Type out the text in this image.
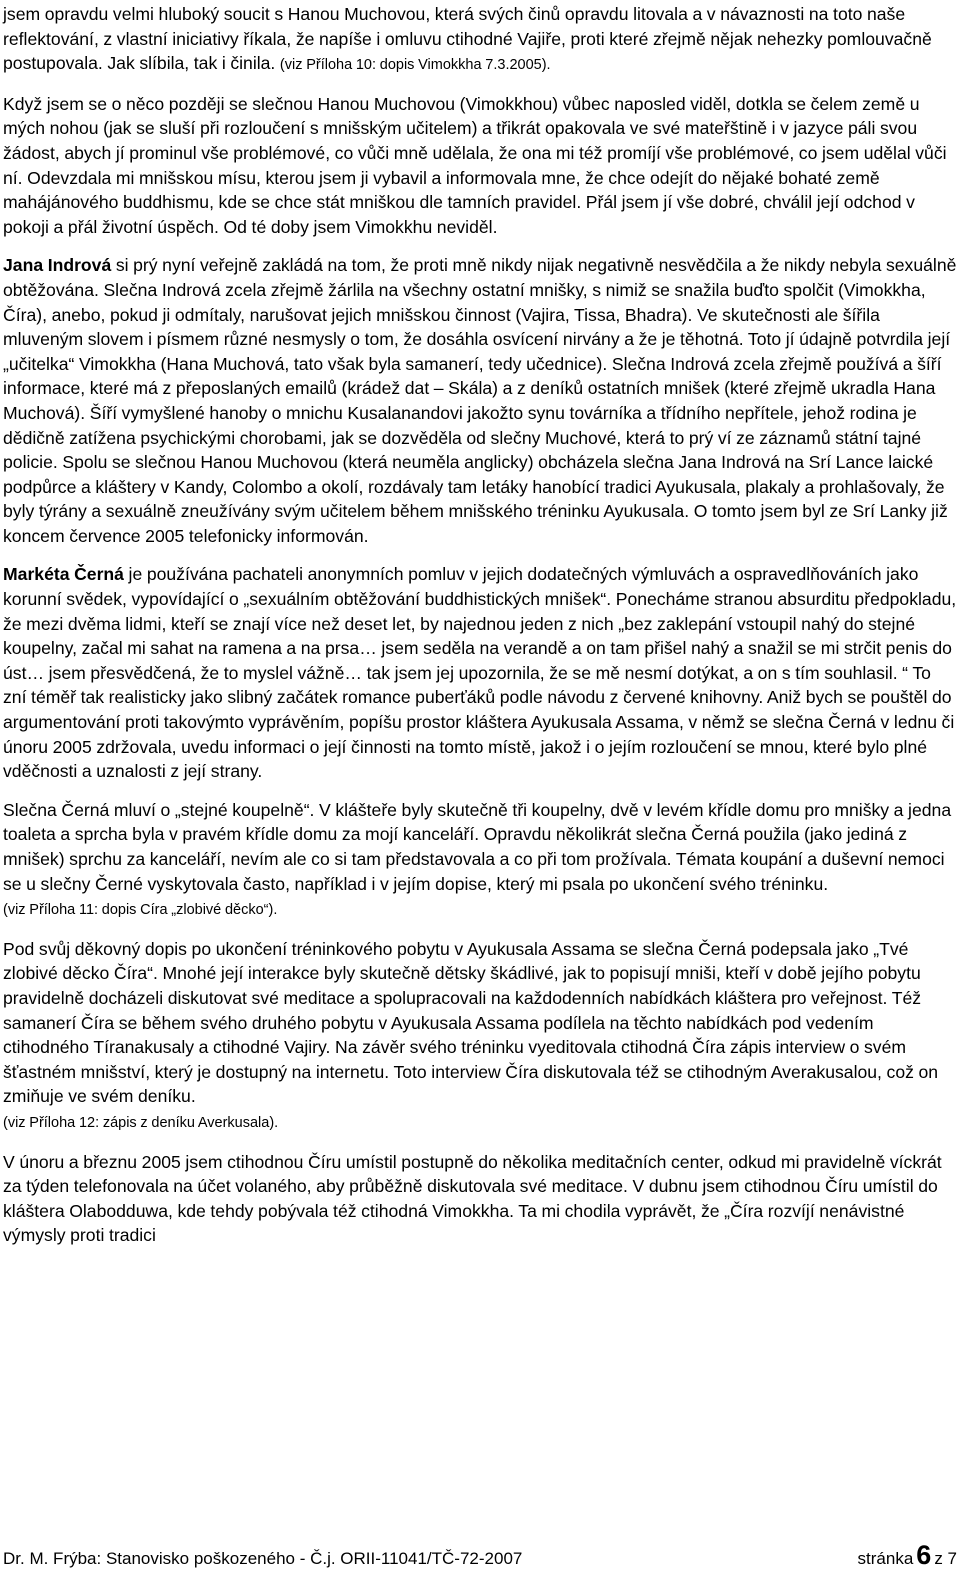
jsem opravdu velmi hluboký soucit s Hanou Muchovou, která svých činů opravdu litovala a v návaznosti na toto naše reflektování, z vlastní iniciativy říkala, že napíše i omluvu ctihodné Vajiře, proti které zřejmě nějak nehezky pomlouvačně postupovala. Jak slíbila, tak i činila. (viz Příloha 10: dopis Vimokkha 7.3.2005).

Když jsem se o něco později se slečnou Hanou Muchovou (Vimokkhou) vůbec naposled viděl, dotkla se čelem země u mých nohou (jak se sluší při rozloučení s mnišským učitelem) a třikrát opakovala ve své mateřštině i v jazyce páli svou žádost, abych jí prominul vše problémové, co vůči mně udělala, že ona mi též promíjí vše problémové, co jsem udělal vůči ní. Odevzdala mi mnišskou mísu, kterou jsem ji vybavil a informovala mne, že chce odejít do nějaké bohaté země mahájánového buddhismu, kde se chce stát mniškou dle tamních pravidel. Přál jsem jí vše dobré, chválil její odchod v pokoji a přál životní úspěch. Od té doby jsem Vimokkhu neviděl.

Jana Indrová si prý nyní veřejně zakládá na tom, že proti mně nikdy nijak negativně nesvědčila a že nikdy nebyla sexuálně obtěžována. Slečna Indrová zcela zřejmě žárlila na všechny ostatní mnišky, s nimiž se snažila buďto spolčit (Vimokkha, Číra), anebo, pokud ji odmítaly, narušovat jejich mnišskou činnost (Vajira, Tissa, Bhadra). Ve skutečnosti ale šířila mluveným slovem i písmem různé nesmysly o tom, že dosáhla osvícení nirvány a že je těhotná. Toto jí údajně potvrdila její „učitelka“ Vimokkha (Hana Muchová, tato však byla samanerí, tedy učednice). Slečna Indrová zcela zřejmě používá a šíří informace, které má z přeposlaných emailů (krádež dat – Skála) a z deníků ostatních mnišek (které zřejmě ukradla Hana Muchová). Šíří vymyšlené hanoby o mnichu Kusalanandovi jakožto synu továrníka a třídního nepřítele, jehož rodina je dědičně zatížena psychickými chorobami, jak se dozvěděla od slečny Muchové, která to prý ví ze záznamů státní tajné policie. Spolu se slečnou Hanou Muchovou (která neuměla anglicky) obcházela slečna Jana Indrová na Srí Lance laické podpůrce a kláštery v Kandy, Colombo a okolí, rozdávaly tam letáky hanobící tradici Ayukusala, plakaly a prohlašovaly, že byly týrány a sexuálně zneužívány svým učitelem během mnišského tréninku Ayukusala. O tomto jsem byl ze Srí Lanky již koncem července 2005 telefonicky informován.

Markéta Černá je používána pachateli anonymních pomluv v jejich dodatečných výmluvách a ospravedlňováních jako korunní svědek, vypovídající o „sexuálním obtěžování buddhistických mnišek“. Ponecháme stranou absurditu předpokladu, že mezi dvěma lidmi, kteří se znají více než deset let, by najednou jeden z nich „bez zaklepání vstoupil nahý do stejné koupelny, začal mi sahat na ramena a na prsa… jsem seděla na verandě a on tam přišel nahý a snažil se mi strčit penis do úst… jsem přesvědčená, že to myslel vážně… tak jsem jej upozornila, že se mě nesmí dotýkat, a on s tím souhlasil. “ To zní téměř tak realisticky jako slibný začátek romance puberťáků podle návodu z červené knihovny. Aniž bych se pouštěl do argumentování proti takovýmto vyprávěním, popíšu prostor kláštera Ayukusala Assama, v němž se slečna Černá v lednu či únoru 2005 zdržovala, uvedu informaci o její činnosti na tomto místě, jakož i o jejím rozloučení se mnou, které bylo plné vděčnosti a uznalosti z její strany.

Slečna Černá mluví o „stejné koupelně“. V klášteře byly skutečně tři koupelny, dvě v levém křídle domu pro mnišky a jedna toaleta a sprcha byla v pravém křídle domu za mojí kanceláří. Opravdu několikrát slečna Černá použila (jako jediná z mnišek) sprchu za kanceláří, nevím ale co si tam představovala a co při tom prožívala. Témata koupání a duševní nemoci se u slečny Černé vyskytovala často, například i v jejím dopise, který mi psala po ukončení svého tréninku.
(viz Příloha 11: dopis Círa „zlobivé děcko“).

Pod svůj děkovný dopis po ukončení tréninkového pobytu v Ayukusala Assama se slečna Černá podepsala jako „Tvé zlobivé děcko Číra“. Mnohé její interakce byly skutečně dětsky škádlivé, jak to popisují mniši, kteří v době jejího pobytu pravidelně docházeli diskutovat své meditace a spolupracovali na každodenních nabídkách kláštera pro veřejnost. Též samanerí Číra se během svého druhého pobytu v Ayukusala Assama podílela na těchto nabídkách pod vedením ctihodného Tíranakusaly a ctihodné Vajiry. Na závěr svého tréninku vyeditovala ctihodná Číra zápis interview o svém šťastném mnišství, který je dostupný na internetu. Toto interview Číra diskutovala též se ctihodným Averakusalou, což on zmiňuje ve svém deníku.
(viz Příloha 12: zápis z deníku Averkusala).

V únoru a březnu 2005 jsem ctihodnou Číru umístil postupně do několika meditačních center, odkud mi pravidelně víckrát za týden telefonovala na účet volaného, aby průběžně diskutovala své meditace. V dubnu jsem ctihodnou Číru umístil do kláštera Olabodduwa, kde tehdy pobývala též ctihodná Vimokkha. Ta mi chodila vyprávět, že „Číra rozvíjí nenávistné výmysly proti tradici

Dr. M. Frýba: Stanovisko poškozeného - Č.j. ORII-11041/TČ-72-2007	stránka 6 z 7
